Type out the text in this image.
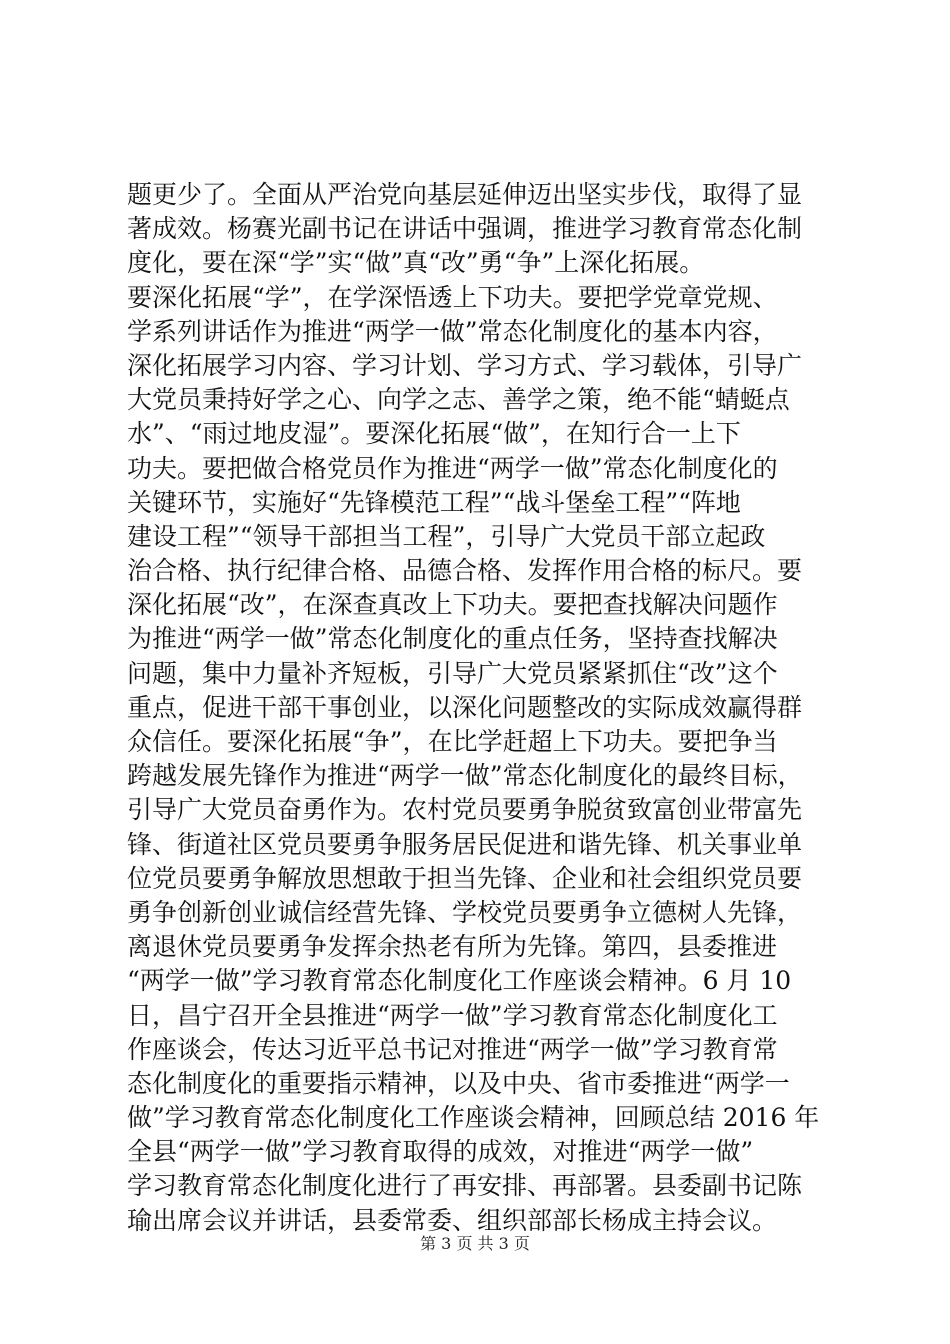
题更少了。全面从严治党向基层延伸迈出坚实步伐，取得了显
著成效。杨赛光副书记在讲话中强调，推进学习教育常态化制
度化，要在深“学”实“做”真“改”勇“争”上深化拓展。
要深化拓展“学”，在学深悟透上下功夫。要把学党章党规、
学系列讲话作为推进“两学一做”常态化制度化的基本内容，
深化拓展学习内容、学习计划、学习方式、学习载体，引导广
大党员秉持好学之心、向学之志、善学之策，绝不能“蜻蜓点
水”、“雨过地皮湿”。要深化拓展“做”，在知行合一上下
功夫。要把做合格党员作为推进“两学一做”常态化制度化的
关键环节，实施好“先锋模范工程”“战斗堡垒工程”“阵地
建设工程”“领导干部担当工程”，引导广大党员干部立起政
治合格、执行纪律合格、品德合格、发挥作用合格的标尺。要
深化拓展“改”，在深查真改上下功夫。要把查找解决问题作
为推进“两学一做”常态化制度化的重点任务，坚持查找解决
问题，集中力量补齐短板，引导广大党员紧紧抓住“改”这个
重点，促进干部干事创业，以深化问题整改的实际成效赢得群
众信任。要深化拓展“争”，在比学赶超上下功夫。要把争当
跨越发展先锋作为推进“两学一做”常态化制度化的最终目标，
引导广大党员奋勇作为。农村党员要勇争脱贫致富创业带富先
锋、街道社区党员要勇争服务居民促进和谐先锋、机关事业单
位党员要勇争解放思想敢于担当先锋、企业和社会组织党员要
勇争创新创业诚信经营先锋、学校党员要勇争立德树人先锋，
离退休党员要勇争发挥余热老有所为先锋。第四，县委推进
“两学一做”学习教育常态化制度化工作座谈会精神。6 月 10
日，昌宁召开全县推进“两学一做”学习教育常态化制度化工
作座谈会，传达习近平总书记对推进“两学一做”学习教育常
态化制度化的重要指示精神，以及中央、省市委推进“两学一
做”学习教育常态化制度化工作座谈会精神，回顾总结 2016 年
全县“两学一做”学习教育取得的成效，对推进“两学一做”
学习教育常态化制度化进行了再安排、再部署。县委副书记陈
瑜出席会议并讲话，县委常委、组织部部长杨成主持会议。
第 3 页 共 3 页
